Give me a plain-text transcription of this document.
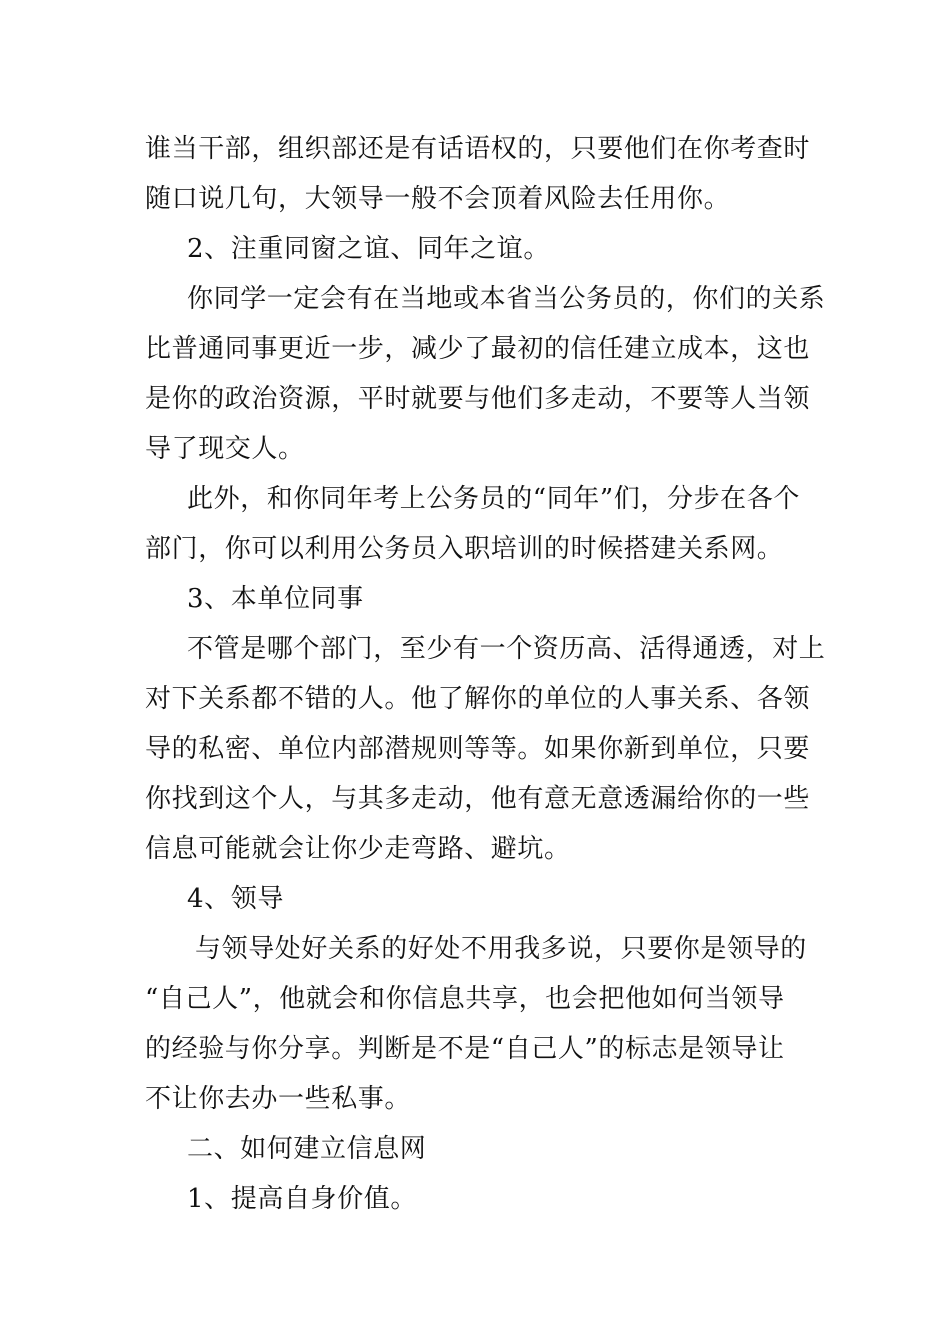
谁当干部，组织部还是有话语权的，只要他们在你考查时
随口说几句，大领导一般不会顶着风险去任用你。
2、注重同窗之谊、同年之谊。
你同学一定会有在当地或本省当公务员的，你们的关系
比普通同事更近一步，减少了最初的信任建立成本，这也
是你的政治资源，平时就要与他们多走动，不要等人当领
导了现交人。
此外，和你同年考上公务员的“同年”们，分步在各个
部门，你可以利用公务员入职培训的时候搭建关系网。
3、本单位同事
不管是哪个部门，至少有一个资历高、活得通透，对上
对下关系都不错的人。他了解你的单位的人事关系、各领
导的私密、单位内部潜规则等等。如果你新到单位，只要
你找到这个人，与其多走动，他有意无意透漏给你的一些
信息可能就会让你少走弯路、避坑。
4、领导
与领导处好关系的好处不用我多说，只要你是领导的
“自己人”，他就会和你信息共享，也会把他如何当领导
的经验与你分享。判断是不是“自己人”的标志是领导让
不让你去办一些私事。
二、如何建立信息网
1、提高自身价值。
